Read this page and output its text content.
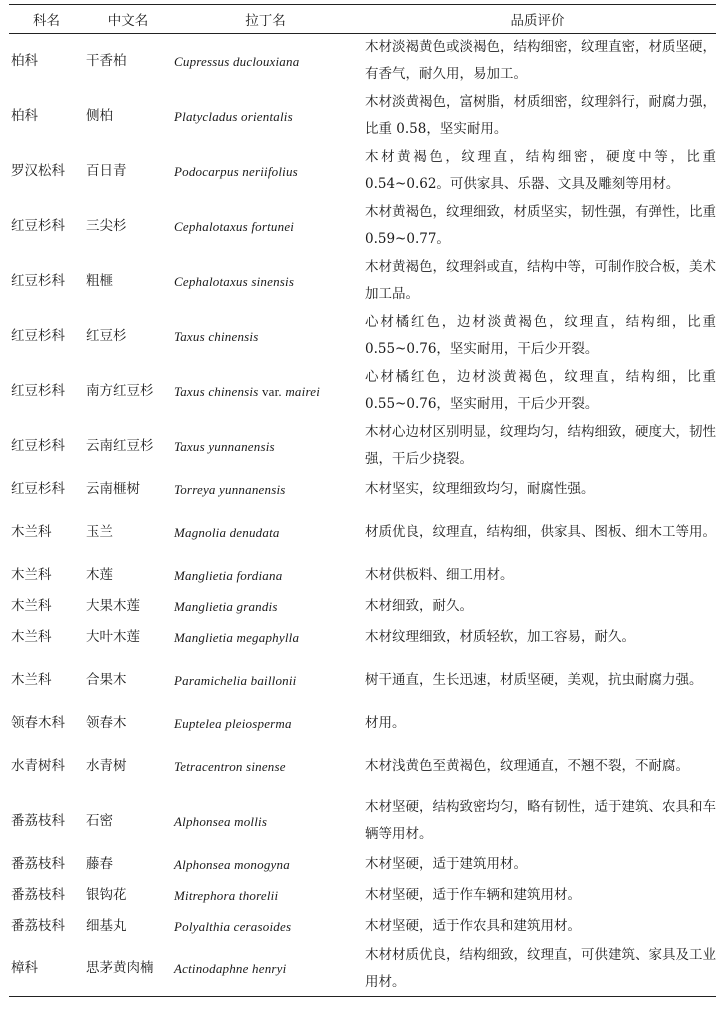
科名	中文名	拉丁名	品质评价
柏科	干香柏	Cupressus duclouxiana	木材淡褐黄色或淡褐色，结构细密，纹理直密，材质坚硬，有香气，耐久用，易加工。
柏科	侧柏	Platycladus orientalis	木材淡黄褐色，富树脂，材质细密，纹理斜行，耐腐力强，比重 0.58，坚实耐用。
罗汉松科	百日青	Podocarpus neriifolius	木材黄褐色，纹理直，结构细密，硬度中等，比重 0.54~0.62。可供家具、乐器、文具及雕刻等用材。
红豆杉科	三尖杉	Cephalotaxus fortunei	木材黄褐色，纹理细致，材质坚实，韧性强，有弹性，比重 0.59~0.77。
红豆杉科	粗榧	Cephalotaxus sinensis	木材黄褐色，纹理斜或直，结构中等，可制作胶合板，美术加工品。
红豆杉科	红豆杉	Taxus chinensis	心材橘红色，边材淡黄褐色，纹理直，结构细，比重 0.55~0.76，坚实耐用，干后少开裂。
红豆杉科	南方红豆杉	Taxus chinensis var. mairei	心材橘红色，边材淡黄褐色，纹理直，结构细，比重 0.55~0.76，坚实耐用，干后少开裂。
红豆杉科	云南红豆杉	Taxus yunnanensis	木材心边材区别明显，纹理均匀，结构细致，硬度大，韧性强，干后少挠裂。
红豆杉科	云南榧树	Torreya yunnanensis	木材坚实，纹理细致均匀，耐腐性强。
木兰科	玉兰	Magnolia denudata	材质优良，纹理直，结构细，供家具、图板、细木工等用。
木兰科	木莲	Manglietia fordiana	木材供板料、细工用材。
木兰科	大果木莲	Manglietia grandis	木材细致，耐久。
木兰科	大叶木莲	Manglietia megaphylla	木材纹理细致，材质轻软，加工容易，耐久。
木兰科	合果木	Paramichelia baillonii	树干通直，生长迅速，材质坚硬，美观，抗虫耐腐力强。
领春木科	领春木	Euptelea pleiosperma	材用。
水青树科	水青树	Tetracentron sinense	木材浅黄色至黄褐色，纹理通直，不翘不裂，不耐腐。
番荔枝科	石密	Alphonsea mollis	木材坚硬，结构致密均匀，略有韧性，适于建筑、农具和车辆等用材。
番荔枝科	藤春	Alphonsea monogyna	木材坚硬，适于建筑用材。
番荔枝科	银钩花	Mitrephora thorelii	木材坚硬，适于作车辆和建筑用材。
番荔枝科	细基丸	Polyalthia cerasoides	木材坚硬，适于作农具和建筑用材。
樟科	思茅黄肉楠	Actinodaphne henryi	木材材质优良，结构细致，纹理直，可供建筑、家具及工业用材。
